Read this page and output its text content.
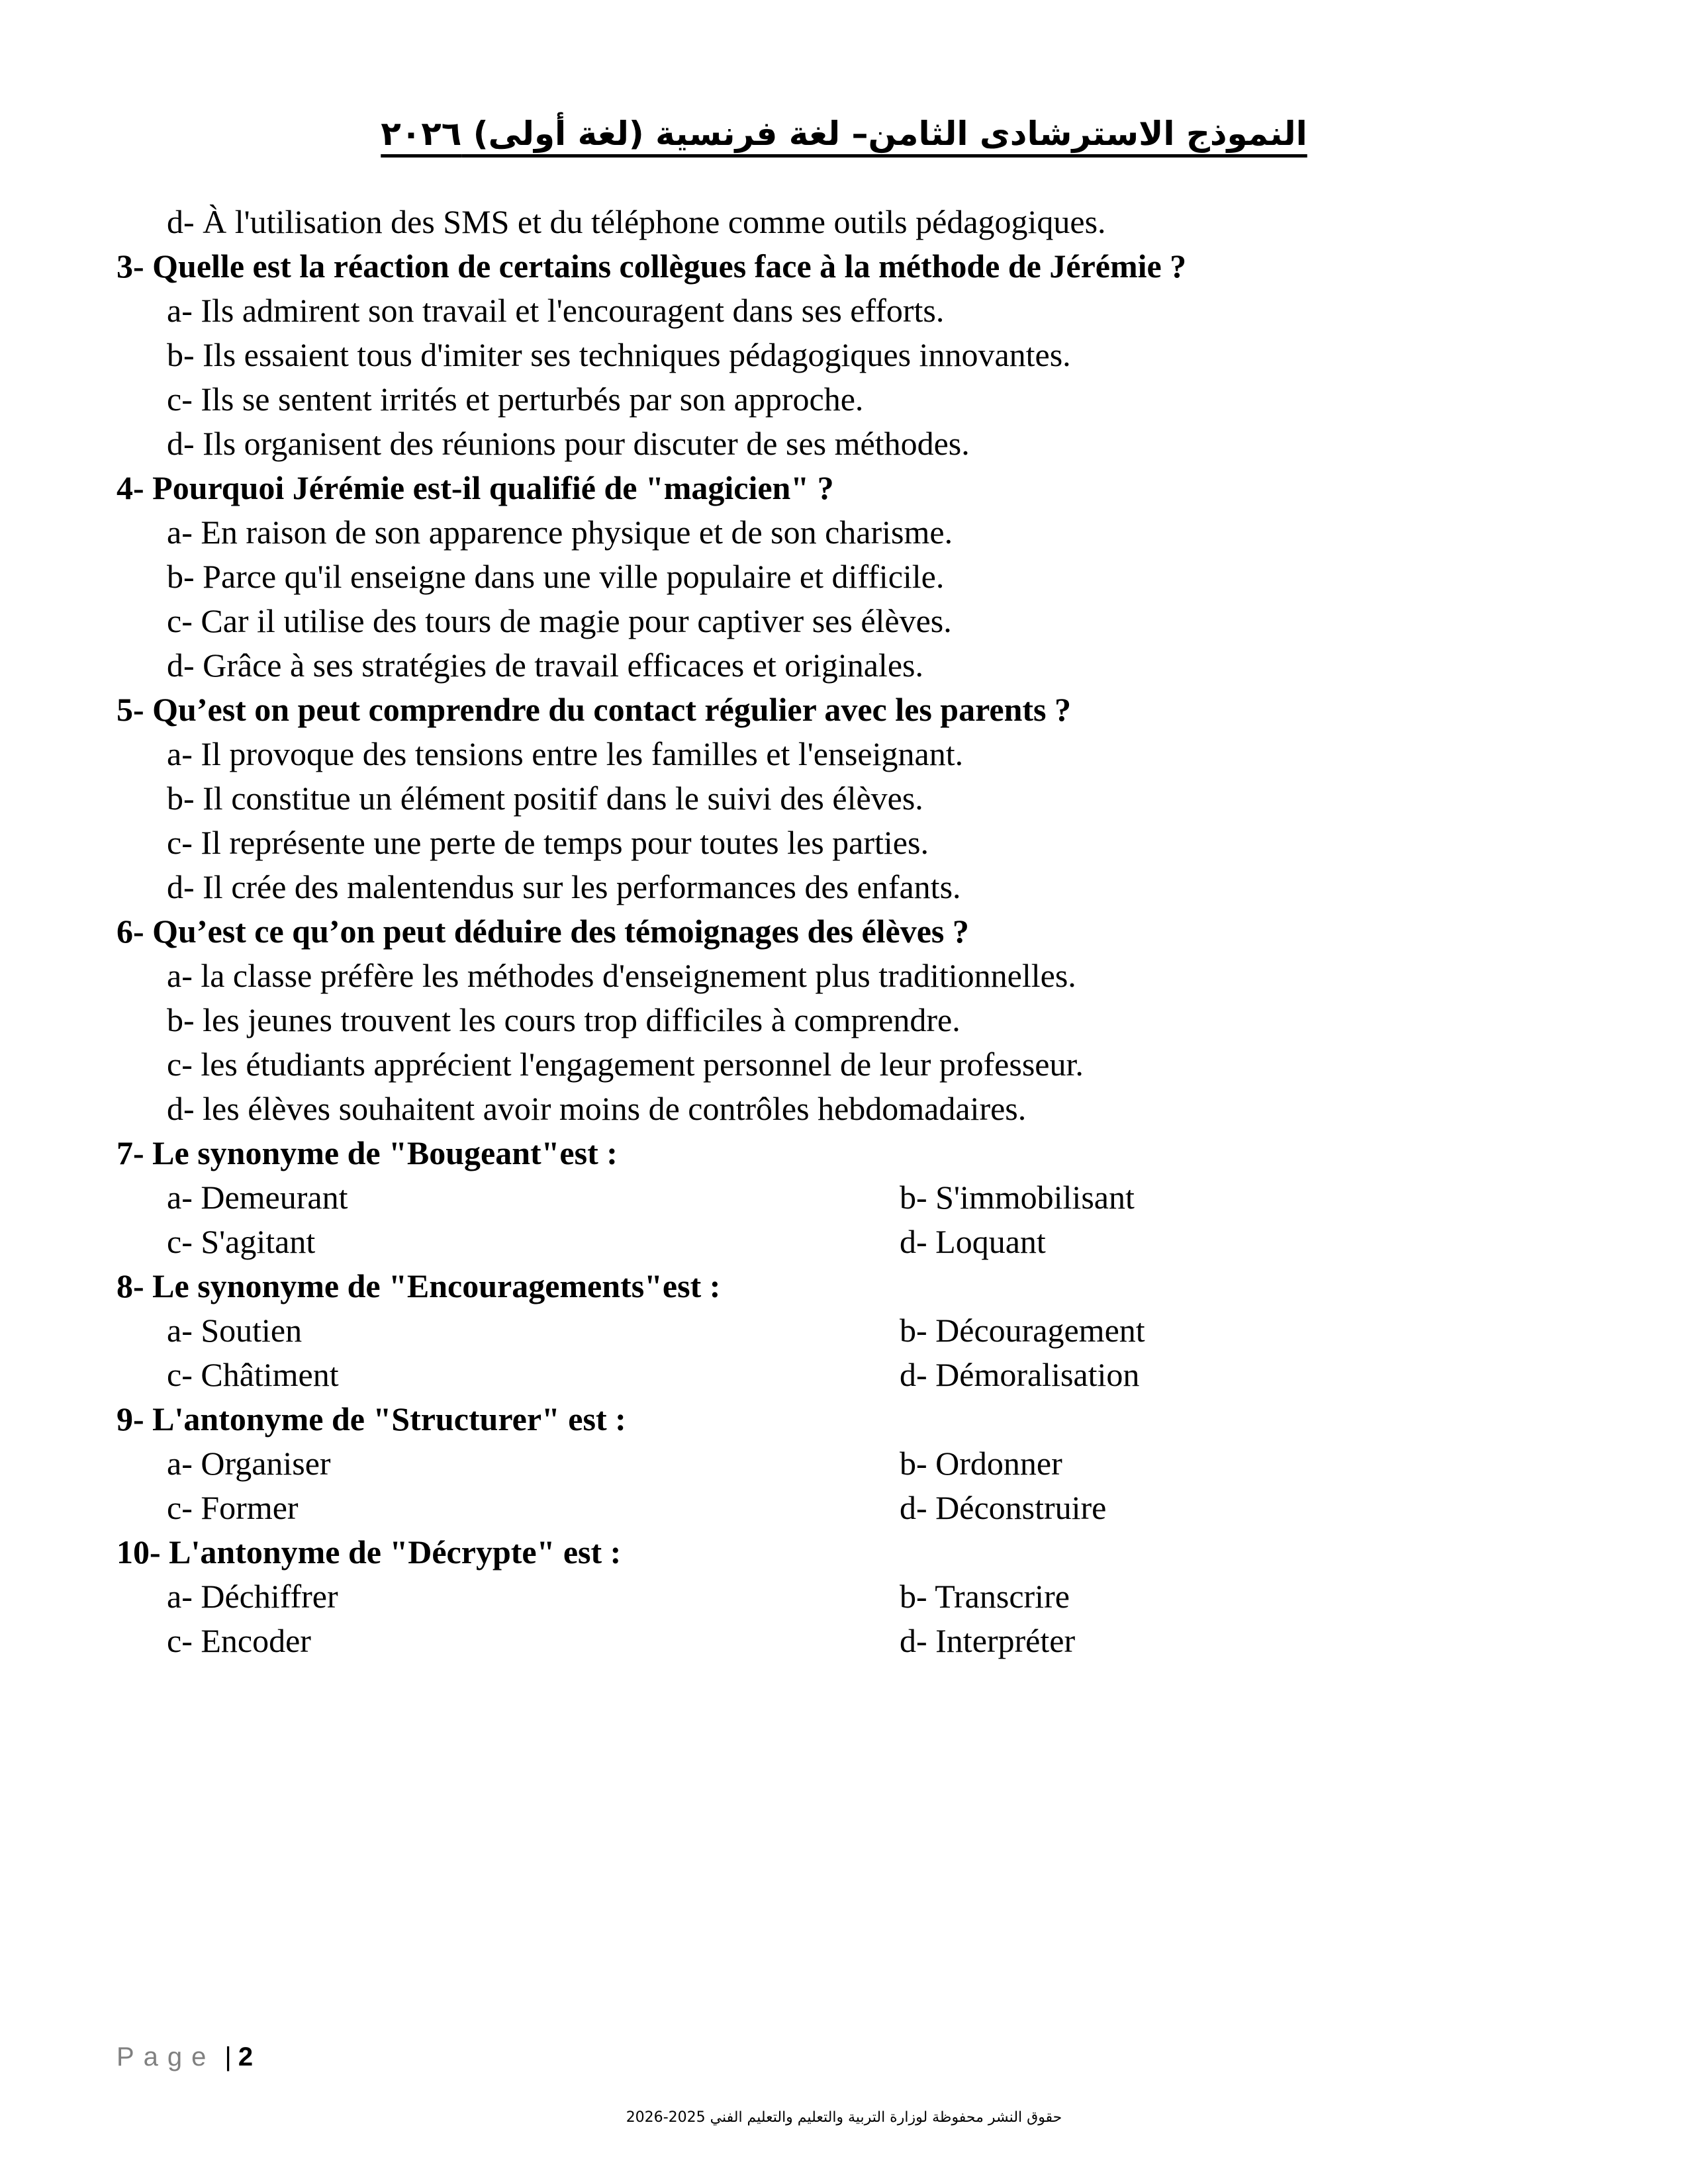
النموذج الاسترشادى الثامن– لغة فرنسية (لغة أولى) ٢٠٢٦
d- À l'utilisation des SMS et du téléphone comme outils pédagogiques.
3- Quelle est la réaction de certains collègues face à la méthode de Jérémie ?
a- Ils admirent son travail et l'encouragent dans ses efforts.
b- Ils essaient tous d'imiter ses techniques pédagogiques innovantes.
c- Ils se sentent irrités et perturbés par son approche.
d- Ils organisent des réunions pour discuter de ses méthodes.
4- Pourquoi Jérémie est-il qualifié de "magicien" ?
a- En raison de son apparence physique et de son charisme.
b- Parce qu'il enseigne dans une ville populaire et difficile.
c- Car il utilise des tours de magie pour captiver ses élèves.
d- Grâce à ses stratégies de travail efficaces et originales.
5- Qu’est on peut comprendre du contact régulier avec les parents ?
a- Il provoque des tensions entre les familles et l'enseignant.
b- Il constitue un élément positif dans le suivi des élèves.
c- Il représente une perte de temps pour toutes les parties.
d- Il crée des malentendus sur les performances des enfants.
6- Qu’est ce qu’on peut déduire des témoignages des élèves ?
a- la classe préfère les méthodes d'enseignement plus traditionnelles.
b- les jeunes trouvent les cours trop difficiles à comprendre.
c- les étudiants apprécient l'engagement personnel de leur professeur.
d- les élèves souhaitent avoir moins de contrôles hebdomadaires.
7- Le synonyme de "Bougeant"est :
a- Demeurant	b- S'immobilisant
c- S'agitant	d- Loquant
8- Le synonyme de "Encouragements"est :
a- Soutien	b- Découragement
c- Châtiment	d- Démoralisation
9- L'antonyme de "Structurer" est :
a- Organiser	b- Ordonner
c- Former	d- Déconstruire
10- L'antonyme de "Décrypte" est :
a- Déchiffrer	b- Transcrire
c- Encoder	d- Interpréter
Page | 2
حقوق النشر محفوظة لوزارة التربية والتعليم والتعليم الفني 2025-2026
